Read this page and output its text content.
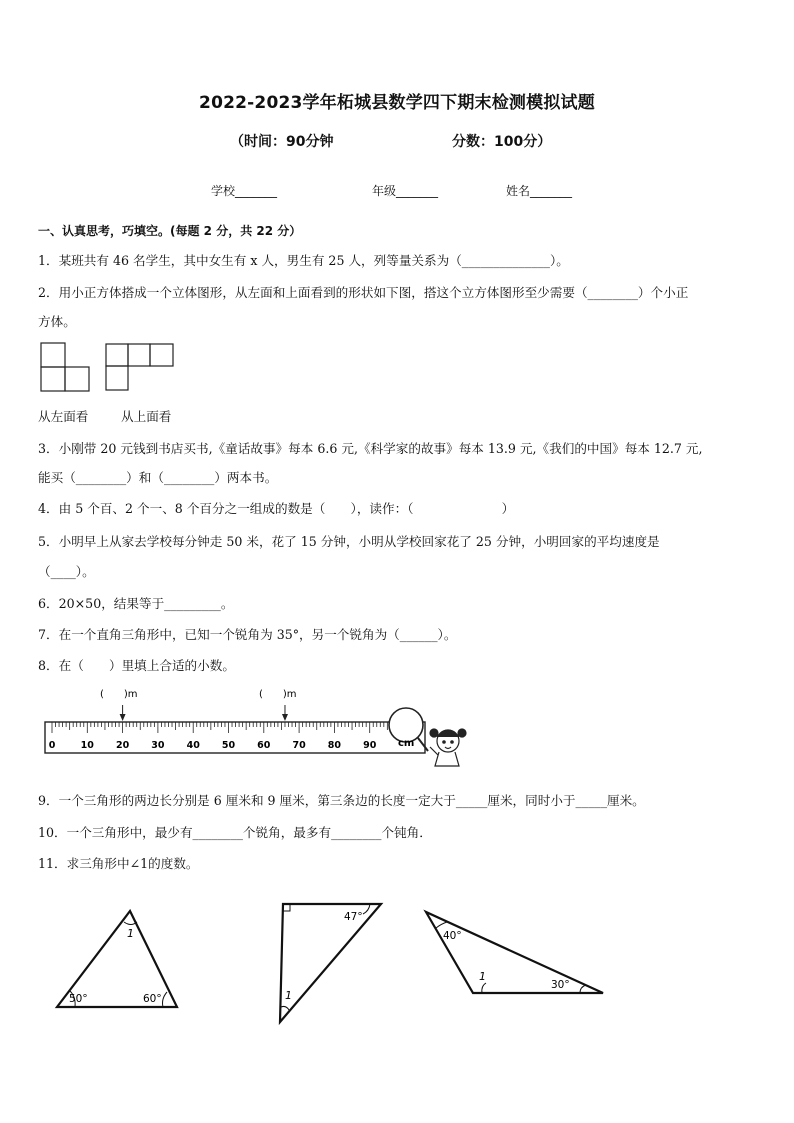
2022-2023学年柘城县数学四下期末检测模拟试题
（时间：90分钟	分数：100分）
学校_______	年级_______	姓名_______
一、认真思考，巧填空。(每题 2 分，共 22 分）
1．某班共有 46 名学生，其中女生有 x 人，男生有 25 人，列等量关系为（______________）。
2．用小正方体搭成一个立体图形，从左面和上面看到的形状如下图，搭这个立方体图形至少需要（________）个小正
方体。
从左面看	从上面看
3．小刚带 20 元钱到书店买书,《童话故事》每本 6.6 元,《科学家的故事》每本 13.9 元,《我们的中国》每本 12.7 元,
能买（________）和（________）两本书。
4．由 5 个百、2 个一、8 个百分之一组成的数是（　　），读作：（　　　　　　　）
5．小明早上从家去学校每分钟走 50 米，花了 15 分钟，小明从学校回家花了 25 分钟，小明回家的平均速度是
（____）。
6．20×50，结果等于_________。
7．在一个直角三角形中，已知一个锐角为 35°，另一个锐角为（______）。
8．在（　　）里填上合适的小数。
(　　)m	(　　)m
0	10 20 30 40 50 60 70 80 90 cm
9．一个三角形的两边长分别是 6 厘米和 9 厘米，第三条边的长度一定大于_____厘米，同时小于_____厘米。
10．一个三角形中，最少有________个锐角，最多有________个钝角．
11．求三角形中∠1的度数。
1
50°	60°
47°
1
40°
1
30°
